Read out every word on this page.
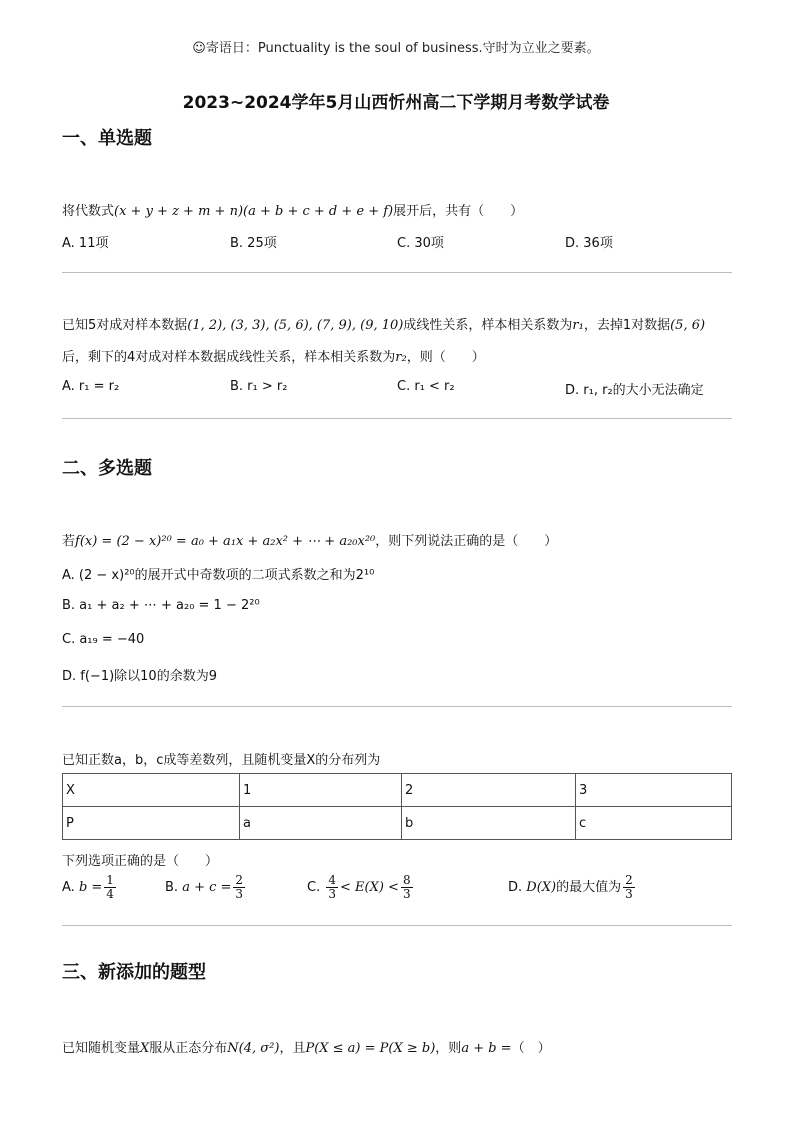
☺寄语日：Punctuality is the soul of business.守时为立业之要素。
2023~2024学年5月山西忻州高二下学期月考数学试卷
一、单选题
将代数式(x + y + z + m + n)(a + b + c + d + e + f)展开后，共有（　　）
A. 11项	B. 25项	C. 30项	D. 36项
已知5对成对样本数据(1, 2), (3, 3), (5, 6), (7, 9), (9, 10)成线性关系，样本相关系数为r₁，去掉1对数据(5, 6)
后，剩下的4对成对样本数据成线性关系，样本相关系数为r₂，则（　　）
A. r₁ = r₂	B. r₁ > r₂	C. r₁ < r₂	D. r₁, r₂的大小无法确定
二、多选题
若f(x) = (2 − x)²⁰ = a₀ + a₁x + a₂x² + ⋯ + a₂₀x²⁰，则下列说法正确的是（　　）
A. (2 − x)²⁰的展开式中奇数项的二项式系数之和为2¹⁰
B. a₁ + a₂ + ⋯ + a₂₀ = 1 − 2²⁰
C. a₁₉ = −40
D. f(−1)除以10的余数为9
已知正数a，b，c成等差数列，且随机变量X的分布列为
X	1	2	3
P	a	b	c
下列选项正确的是（　　）
A. $b = \frac{1}{4}$	B. $a + c = \frac{2}{3}$	C. $\frac{4}{3} < E(X) < \frac{8}{3}$	D. D(X)的最大值为 $\frac{2}{3}$
三、新添加的题型
已知随机变量X服从正态分布N(4, σ²)，且P(X ≤ a) = P(X ≥ b)，则a + b =（　）
